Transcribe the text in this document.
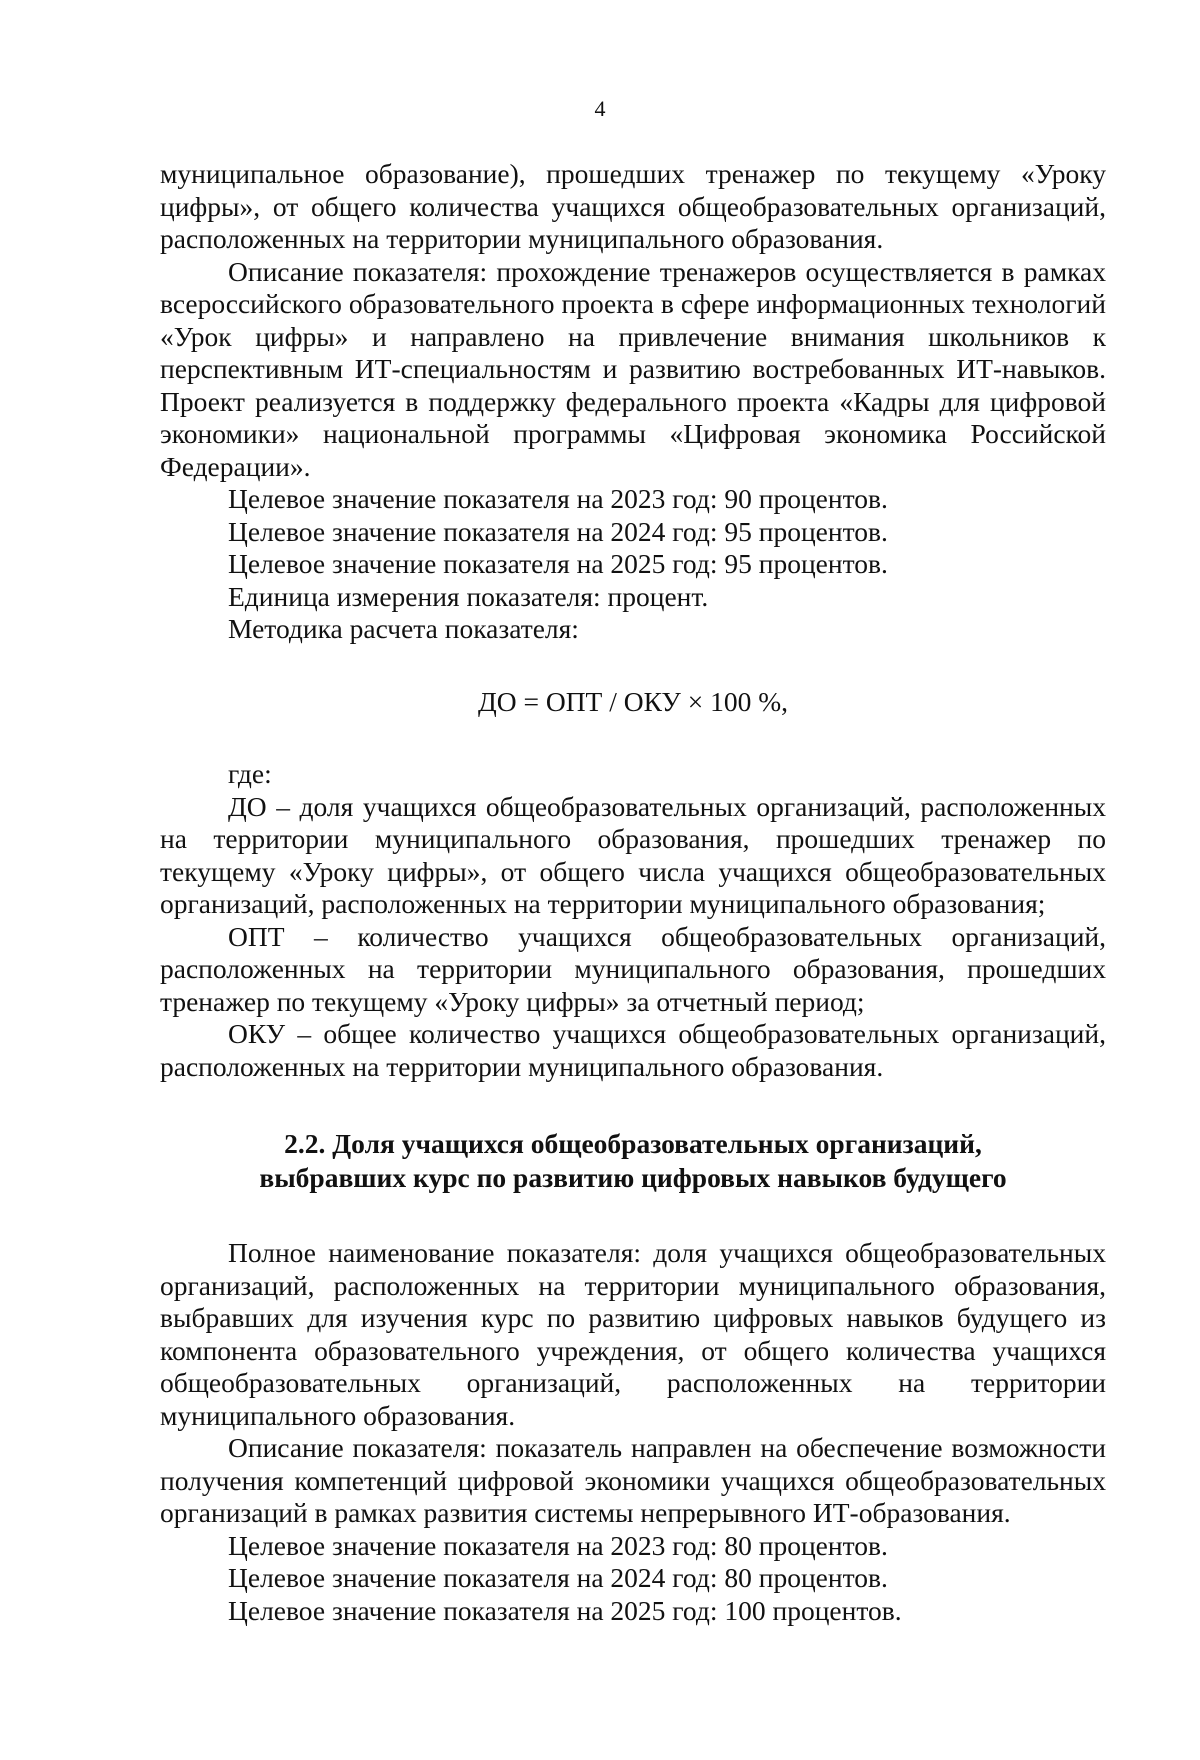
4

муниципальное образование), прошедших тренажер по текущему «Уроку цифры», от общего количества учащихся общеобразовательных организаций, расположенных на территории муниципального образования.

Описание показателя: прохождение тренажеров осуществляется в рамках всероссийского образовательного проекта в сфере информационных технологий «Урок цифры» и направлено на привлечение внимания школьников к перспективным ИТ-специальностям и развитию востребованных ИТ-навыков. Проект реализуется в поддержку федерального проекта «Кадры для цифровой экономики» национальной программы «Цифровая экономика Российской Федерации».

Целевое значение показателя на 2023 год: 90 процентов.

Целевое значение показателя на 2024 год: 95 процентов.

Целевое значение показателя на 2025 год: 95 процентов.

Единица измерения показателя: процент.

Методика расчета показателя:

ДО = ОПТ / ОКУ × 100 %,

где:

ДО – доля учащихся общеобразовательных организаций, расположенных на территории муниципального образования, прошедших тренажер по текущему «Уроку цифры», от общего числа учащихся общеобразовательных организаций, расположенных на территории муниципального образования;

ОПТ – количество учащихся общеобразовательных организаций, расположенных на территории муниципального образования, прошедших тренажер по текущему «Уроку цифры» за отчетный период;

ОКУ – общее количество учащихся общеобразовательных организаций, расположенных на территории муниципального образования.

2.2. Доля учащихся общеобразовательных организаций,
выбравших курс по развитию цифровых навыков будущего

Полное наименование показателя: доля учащихся общеобразовательных организаций, расположенных на территории муниципального образования, выбравших для изучения курс по развитию цифровых навыков будущего из компонента образовательного учреждения, от общего количества учащихся общеобразовательных организаций, расположенных на территории муниципального образования.

Описание показателя: показатель направлен на обеспечение возможности получения компетенций цифровой экономики учащихся общеобразовательных организаций в рамках развития системы непрерывного ИТ-образования.

Целевое значение показателя на 2023 год: 80 процентов.

Целевое значение показателя на 2024 год: 80 процентов.

Целевое значение показателя на 2025 год: 100 процентов.
